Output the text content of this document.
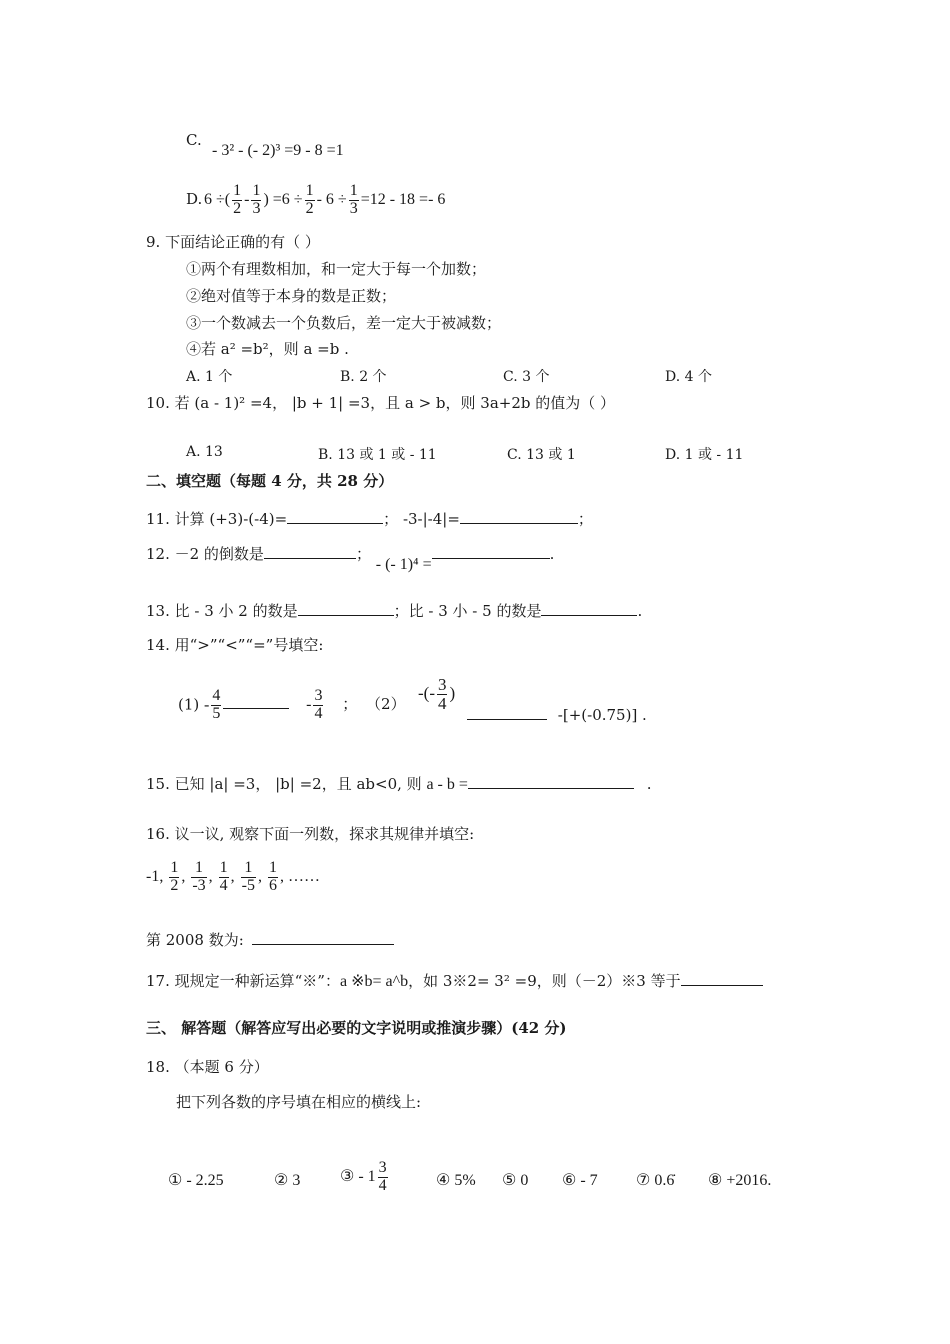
C.
- 3² - (- 2)³ =9 - 8 =1
D. 6 ÷( $\frac{1}{2} - \frac{1}{3}$ ) $=6 \div \frac{1}{2} - 6 \div \frac{1}{3} =12 - 18 =- 6$
9. 下面结论正确的有（ ）
①两个有理数相加，和一定大于每一个加数；
②绝对值等于本身的数是正数；
③一个数减去一个负数后，差一定大于被减数；
④若 a² =b²，则 a =b .
A. 1 个	B. 2 个	C. 3 个	D. 4 个
10. 若 (a - 1)² =4， |b + 1| =3，且 a > b，则 3a+2b 的值为（ ）
A. 13	B. 13 或 1 或 - 11	C. 13 或 1	D. 1 或 - 11
二、填空题（每题 4 分，共 28 分）
11. 计算 (+3)-(-4)=	； -3-|-4|=	；
12. －2 的倒数是	； - (- 1)⁴ =.
13. 比 - 3 小 2 的数是	；比 - 3 小 - 5 的数是	.
14. 用“>”“<”“=”号填空:
-(- $\frac{3}{4}$ )
$(1) - \frac{4}{5}$	- $\frac{3}{4}$ ； （2）
-[+(-0.75)] .
15. 已知 |a| =3， |b| =2，且 ab<0, 则 a - b =	.
16. 议一议, 观察下面一列数，探求其规律并填空:
-1, $\frac{1}{2}$ , $\frac{1}{-3}$ , $\frac{1}{4}$ , $\frac{1}{-5}$ , $\frac{1}{6}$ , ……
第 2008 数为:
17. 现规定一种新运算“※”：a ※b= a^b，如 3※2= 3² =9，则（－2）※3 等于
三、 解答题（解答应写出必要的文字说明或推演步骤）(42 分)
18. （本题 6 分）
把下列各数的序号填在相应的横线上:
① - 2.25	② 3 ③ - $1 \frac{3}{4}$	④ 5% ⑤ 0 ⑥ - 7 ⑦ 0.6̇ ⑧ +2016.
